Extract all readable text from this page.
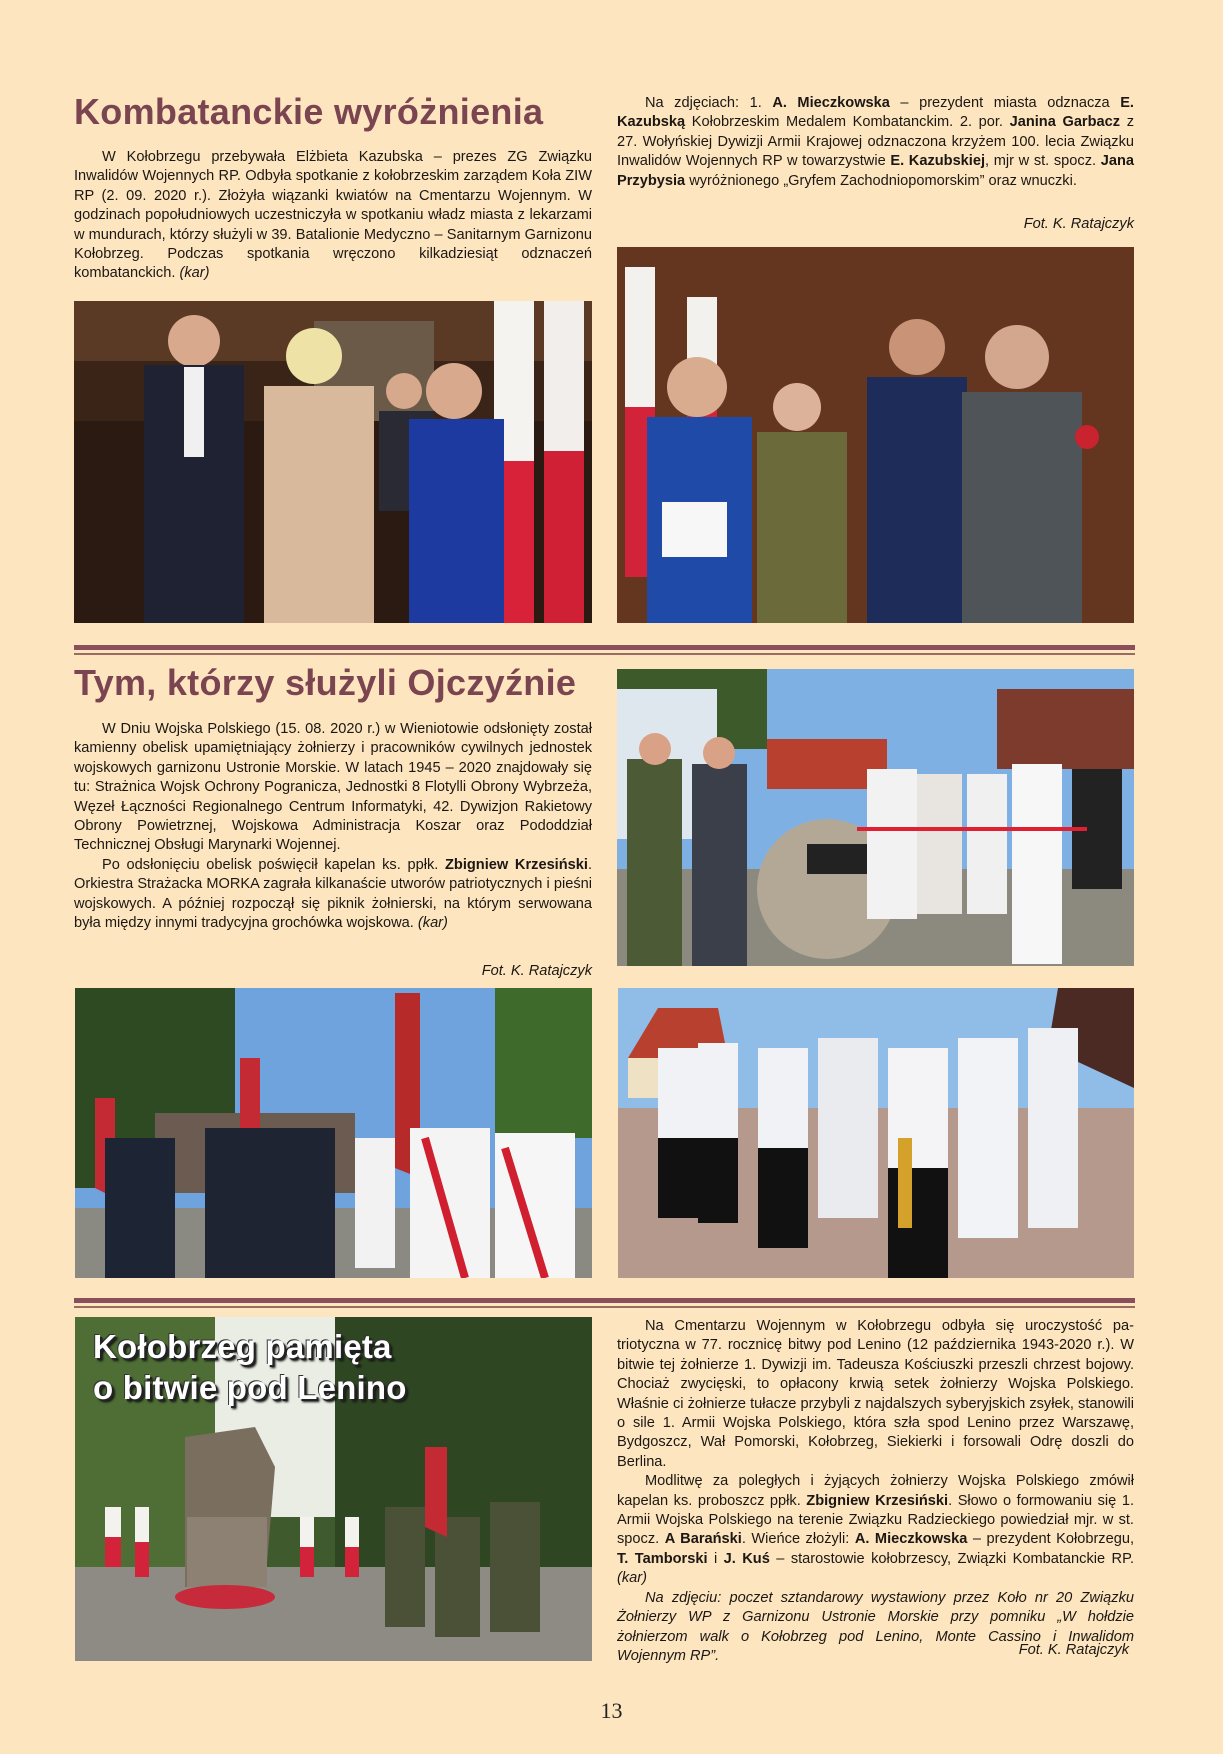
Kombatanckie wyróżnienia

W Kołobrzegu przebywała Elżbieta Kazubska – prezes ZG Związku Inwalidów Wojennych RP. Odbyła spotkanie z kołobrzeskim zarządem Koła ZIW RP (2. 09. 2020 r.). Złożyła wiązanki kwiatów na Cmentarzu Wojennym. W godzinach popołudniowych uczestniczyła w spotkaniu władz miasta z lekarzami w mundurach, którzy służyli w 39. Batalionie Medyczno – Sanitarnym Garnizonu Kołobrzeg. Podczas spotkania wręczono kilkadziesiąt odznaczeń kombatanckich. (kar)

Na zdjęciach: 1. A. Mieczkowska – prezydent miasta odznacza E. Kazubską Kołobrzeskim Medalem Kombatanckim. 2. por. Janina Garbacz z 27. Wołyńskiej Dywizji Armii Krajowej odznaczona krzyżem 100. lecia Związku Inwalidów Wojennych RP w towarzystwie E. Kazubskiej, mjr w st. spocz. Jana Przybysia wyróżnionego „Gryfem Zachodniopomorskim” oraz wnuczki.

Fot. K. Ratajczyk
Tym, którzy służyli Ojczyźnie

W Dniu Wojska Polskiego (15. 08. 2020 r.) w Wieniotowie odsłonięty został kamienny obelisk upamiętniający żołnierzy i pracowników cywilnych jednostek wojskowych garnizonu Ustronie Morskie. W latach 1945 – 2020 znajdowały się tu: Strażnica Wojsk Ochrony Pogranicza, Jednostki 8 Flotylli Obrony Wybrzeża, Węzeł Łączności Regionalnego Centrum Informatyki, 42. Dywizjon Rakietowy Obrony Powietrznej, Wojskowa Administracja Koszar oraz Pododdział Technicznej Obsługi Marynarki Wojennej.

Po odsłonięciu obelisk poświęcił kapelan ks. ppłk. Zbigniew Krzesiński. Orkiestra Strażacka MORKA zagrała kilkanaście utworów patriotycznych i pieśni wojskowych. A później rozpoczął się piknik żołnierski, na którym serwowana była między innymi tradycyjna grochówka wojskowa. (kar)

Fot. K. Ratajczyk
Kołobrzeg pamięta
o bitwie pod Lenino

Na Cmentarzu Wojennym w Kołobrzegu odbyła się uroczystość patriotyczna w 77. rocznicę bitwy pod Lenino (12 października 1943-2020 r.). W bitwie tej żołnierze 1. Dywizji im. Tadeusza Kościuszki przeszli chrzest bojowy. Chociaż zwycięski, to opłacony krwią setek żołnierzy Wojska Polskiego. Właśnie ci żołnierze tułacze przybyli z najdalszych syberyjskich zsyłek, stanowili o sile 1. Armii Wojska Polskiego, która szła spod Lenino przez Warszawę, Bydgoszcz, Wał Pomorski, Kołobrzeg, Siekierki i forsowali Odrę doszli do Berlina.

Modlitwę za poległych i żyjących żołnierzy Wojska Polskiego zmówił kapelan ks. proboszcz ppłk. Zbigniew Krzesiński. Słowo o formowaniu się 1. Armii Wojska Polskiego na terenie Związku Radzieckiego powiedział mjr. w st. spocz. A Barański. Wieńce złożyli: A. Mieczkowska – prezydent Kołobrzegu, T. Tamborski i J. Kuś – starostowie kołobrzescy, Związki Kombatanckie RP. (kar)

Na zdjęciu: poczet sztandarowy wystawiony przez Koło nr 20 Związku Żołnierzy WP z Garnizonu Ustronie Morskie przy pomniku „W hołdzie żołnierzom walk o Kołobrzeg pod Lenino, Monte Cassino i Inwalidom Wojennym RP”.	Fot. K. Ratajczyk
13
